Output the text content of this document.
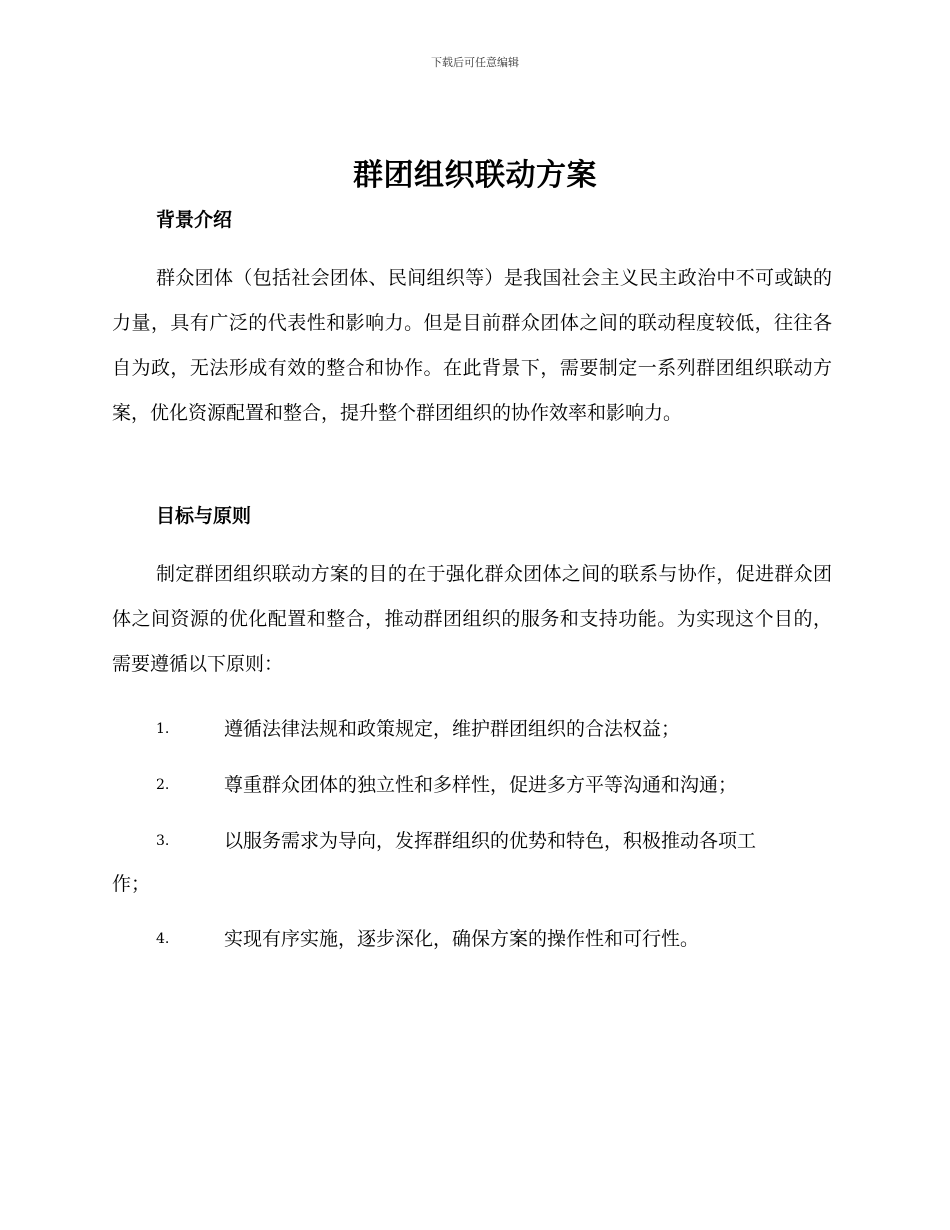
下载后可任意编辑
群团组织联动方案
背景介绍

群众团体（包括社会团体、民间组织等）是我国社会主义民主政治中不可或缺的力量，具有广泛的代表性和影响力。但是目前群众团体之间的联动程度较低，往往各自为政，无法形成有效的整合和协作。在此背景下，需要制定一系列群团组织联动方案，优化资源配置和整合，提升整个群团组织的协作效率和影响力。

目标与原则

制定群团组织联动方案的目的在于强化群众团体之间的联系与协作，促进群众团体之间资源的优化配置和整合，推动群团组织的服务和支持功能。为实现这个目的，需要遵循以下原则：

1.	遵循法律法规和政策规定，维护群团组织的合法权益；
2.	尊重群众团体的独立性和多样性，促进多方平等沟通和沟通；
3.	以服务需求为导向，发挥群组织的优势和特色，积极推动各项工
作；
4.	实现有序实施，逐步深化，确保方案的操作性和可行性。
